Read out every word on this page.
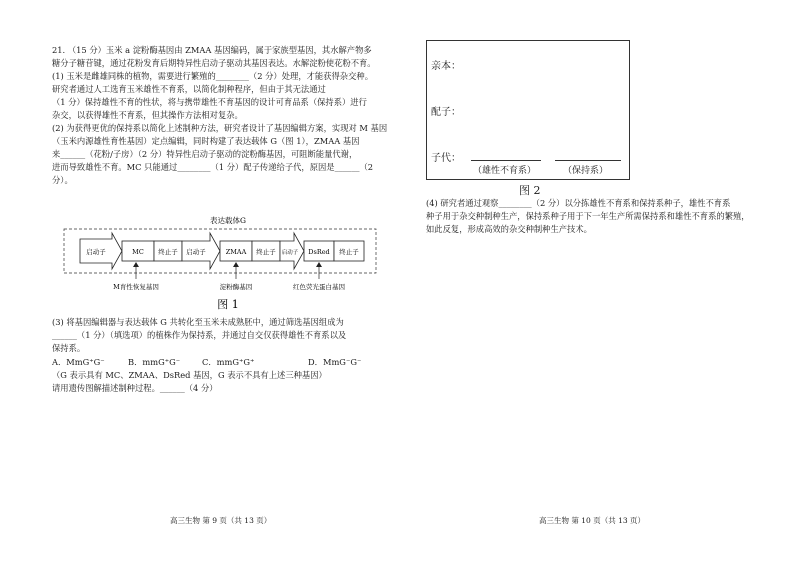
21. （15 分）玉米 a 淀粉酶基因由 ZMAA 基因编码，属于家族型基因，其水解产物多
糖分子糖苷键，通过花粉发育后期特异性启动子驱动其基因表达。水解淀粉使花粉不育。
(1) 玉米是雌雄同株的植物，需要进行繁殖的________（2 分）处理，才能获得杂交种。
研究者通过人工选育玉米雄性不育系，以简化制种程序，但由于其无法通过
（1 分）保持雄性不育的性状，将与携带雄性不育基因的设计可育品系（保持系）进行
杂交，以获得雄性不育系，但其操作方法相对复杂。
(2) 为获得更优的保持系以简化上述制种方法，研究者设计了基因编辑方案，实现对 M 基因
（玉米内源雄性育性基因）定点编辑，同时构建了表达载体 G（图 1），ZMAA 基因
来______（花粉/子房）（2 分）特异性启动子驱动的淀粉酶基因，可阻断能量代谢，
进而导致雄性不育。MC 只能通过________（1 分）配子传递给子代，原因是______（2
分）。
表达载体G
启动子	MC 终止子 启动子	ZMAA 终止子 启动子 DsRed 终止子
M育性恢复基因	淀粉酶基因	红色荧光蛋白基因
图 1
(3) 将基因编辑器与表达载体 G 共转化至玉米未成熟胚中，通过筛选基因组成为
______（1 分）（填选项）的植株作为保持系，并通过自交仅获得雄性不育系以及
保持系。
A．MmG⁺G⁻	B．mmG⁺G⁻	C．mmG⁺G⁺	D．MmG⁻G⁻
（G 表示具有 MC、ZMAA、DsRed 基因，G 表示不具有上述三种基因）
请用遗传图解描述制种过程。______（4 分）
高三生物 第 9 页（共 13 页）
亲本：
配子：
子代：
（雄性不育系）	（保持系）
图 2
(4) 研究者通过观察________（2 分）以分拣雄性不育系和保持系种子，雄性不育系
种子用于杂交种制种生产，保持系种子用于下一年生产所需保持系和雄性不育系的繁殖，
如此反复，形成高效的杂交种制种生产技术。
高三生物 第 10 页（共 13 页）
